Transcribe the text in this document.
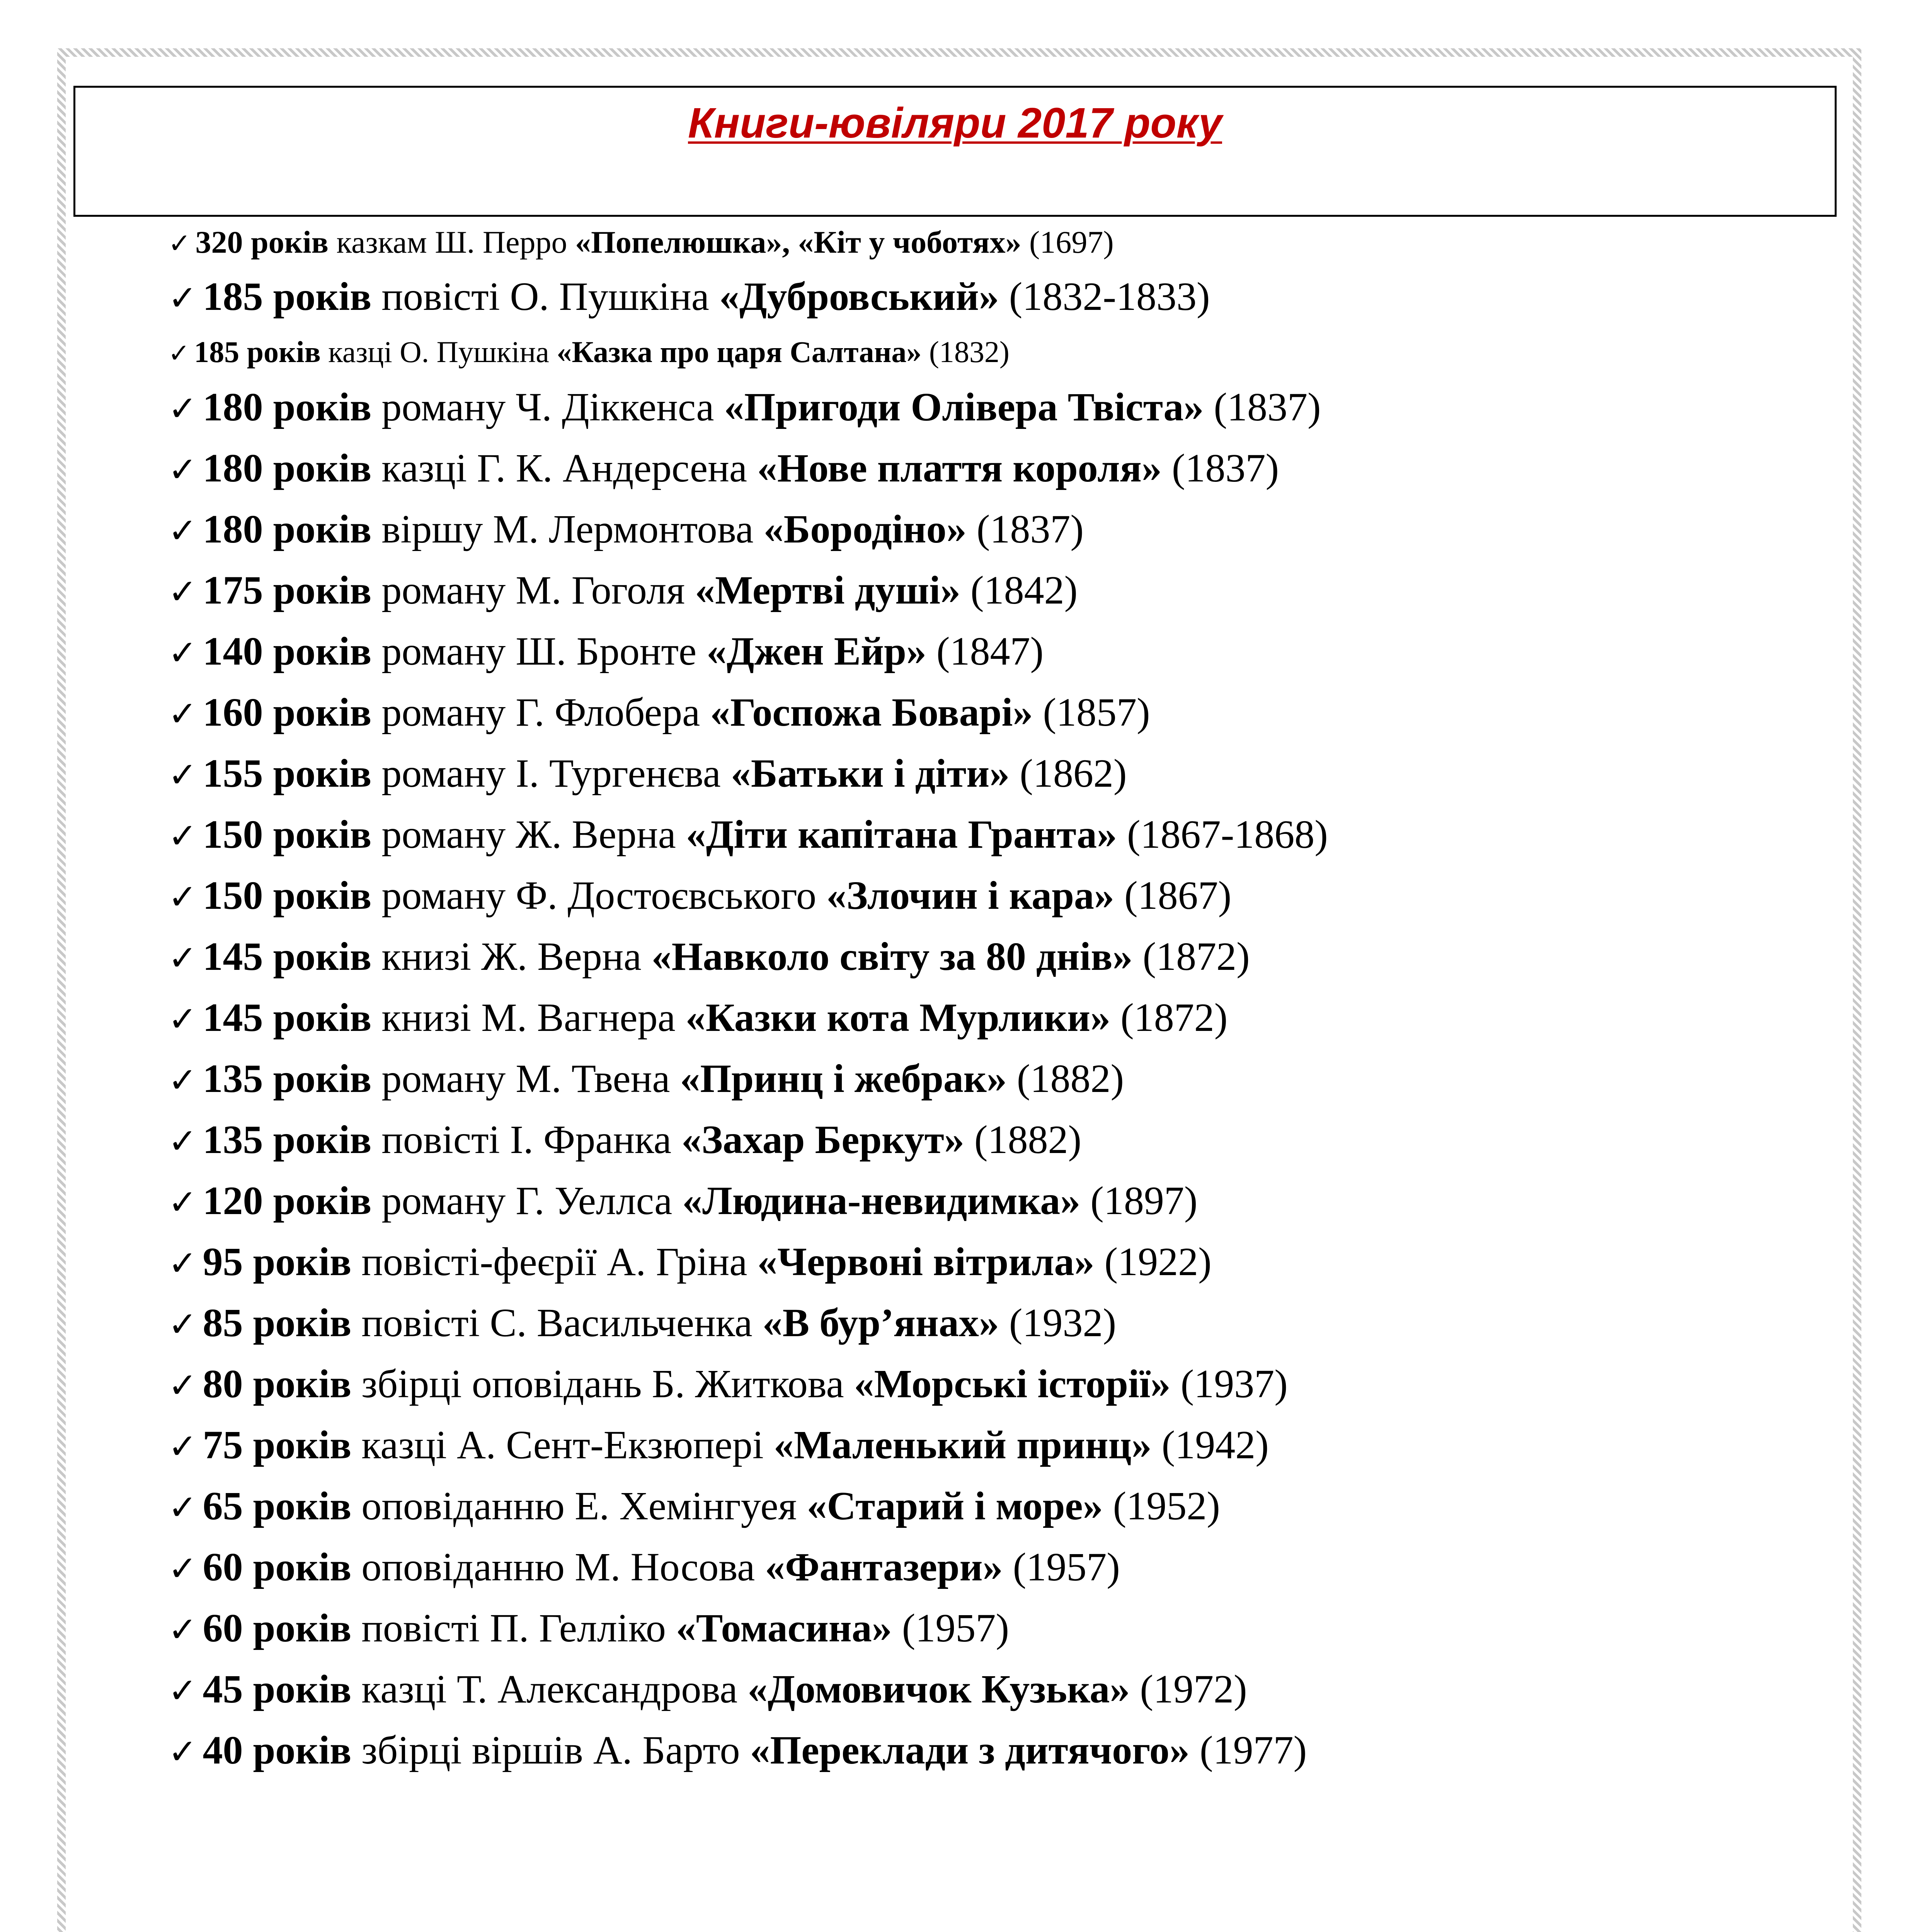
Книги-ювіляри 2017 року
✓ 320 років казкам Ш. Перро «Попелюшка», «Кіт у чоботях» (1697)
✓ 185 років повісті О. Пушкіна «Дубровський» (1832-1833)
✓ 185 років казці О. Пушкіна «Казка про царя Салтана» (1832)
✓ 180 років роману Ч. Діккенса «Пригоди Олівера Твіста» (1837)
✓ 180 років казці Г. К. Андерсена «Нове плаття короля» (1837)
✓ 180 років віршу М. Лермонтова «Бородіно» (1837)
✓ 175 років роману М. Гоголя «Мертві душі» (1842)
✓ 140 років роману Ш. Бронте «Джен Ейр» (1847)
✓ 160 років роману Г. Флобера «Госпожа Боварі» (1857)
✓ 155 років роману І. Тургенєва «Батьки і діти» (1862)
✓ 150 років роману Ж. Верна «Діти капітана Гранта» (1867-1868)
✓ 150 років роману Ф. Достоєвського «Злочин і кара» (1867)
✓ 145 років книзі Ж. Верна «Навколо світу за 80 днів» (1872)
✓ 145 років книзі М. Вагнера «Казки кота Мурлики» (1872)
✓ 135 років роману М. Твена «Принц і жебрак» (1882)
✓ 135 років повісті І. Франка «Захар Беркут» (1882)
✓ 120 років роману Г. Уеллса «Людина-невидимка» (1897)
✓ 95 років повісті-феєрії А. Гріна «Червоні вітрила» (1922)
✓ 85 років повісті С. Васильченка «В бур’янах» (1932)
✓ 80 років збірці оповідань Б. Житкова «Морські історії» (1937)
✓ 75 років казці А. Сент-Екзюпері «Маленький принц» (1942)
✓ 65 років оповіданню Е. Хемінгуея «Старий і море» (1952)
✓ 60 років оповіданню М. Носова «Фантазери» (1957)
✓ 60 років повісті П. Гелліко «Томасина» (1957)
✓ 45 років казці Т. Александрова «Домовичок Кузька» (1972)
✓ 40 років збірці віршів А. Барто «Переклади з дитячого» (1977)
